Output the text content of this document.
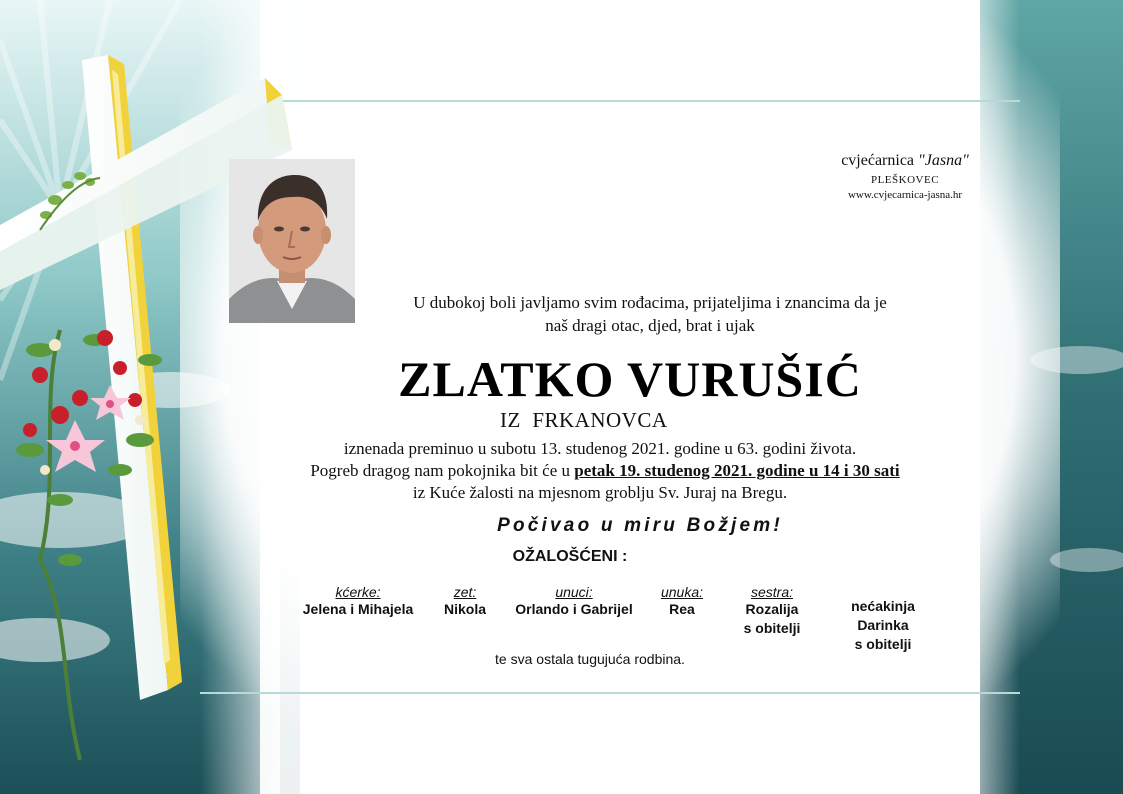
cvjećarnica "Jasna"
PLEŠKOVEC
www.cvjecarnica-jasna.hr
U dubokoj boli javljamo svim rođacima, prijateljima i znancima da je
naš dragi otac, djed, brat i ujak
ZLATKO VURUŠIĆ
IZ  FRKANOVCA
iznenada preminuo u subotu 13. studenog 2021. godine u 63. godini života.
Pogreb dragog nam pokojnika bit će u petak 19. studenog 2021. godine u 14 i 30 sati
iz Kuće žalosti na mjesnom groblju Sv. Juraj na Bregu.
Počivao u miru Božjem!
OŽALOŠĆENI :
kćerke:
Jelena i Mihajela
zet:
Nikola
unuci:
Orlando i Gabrijel
unuka:
Rea
sestra:
Rozalija
s obitelji
nećakinja
Darinka
s obitelji
te sva ostala tugujuća rodbina.
